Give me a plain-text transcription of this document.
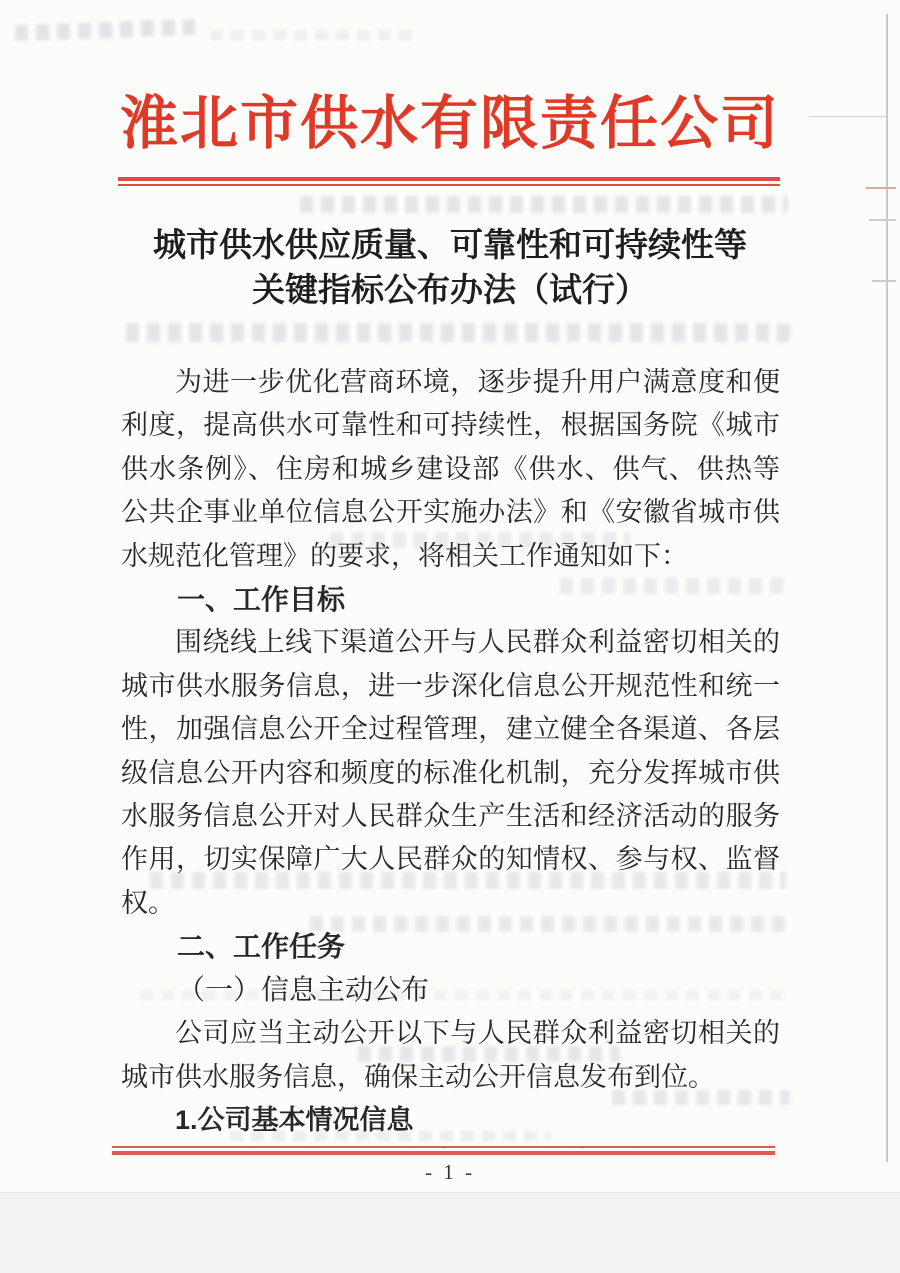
淮北市供水有限责任公司
城市供水供应质量、可靠性和可持续性等
关键指标公布办法（试行）

为进一步优化营商环境，逐步提升用户满意度和便利度，提高供水可靠性和可持续性，根据国务院《城市供水条例》、住房和城乡建设部《供水、供气、供热等公共企事业单位信息公开实施办法》和《安徽省城市供水规范化管理》的要求，将相关工作通知如下：

一、工作目标

围绕线上线下渠道公开与人民群众利益密切相关的城市供水服务信息，进一步深化信息公开规范性和统一性，加强信息公开全过程管理，建立健全各渠道、各层级信息公开内容和频度的标准化机制，充分发挥城市供水服务信息公开对人民群众生产生活和经济活动的服务作用，切实保障广大人民群众的知情权、参与权、监督权。

二、工作任务

（一）信息主动公布

公司应当主动公开以下与人民群众利益密切相关的 城市供水服务信息，确保主动公开信息发布到位。

1.公司基本情况信息

- 1 -
